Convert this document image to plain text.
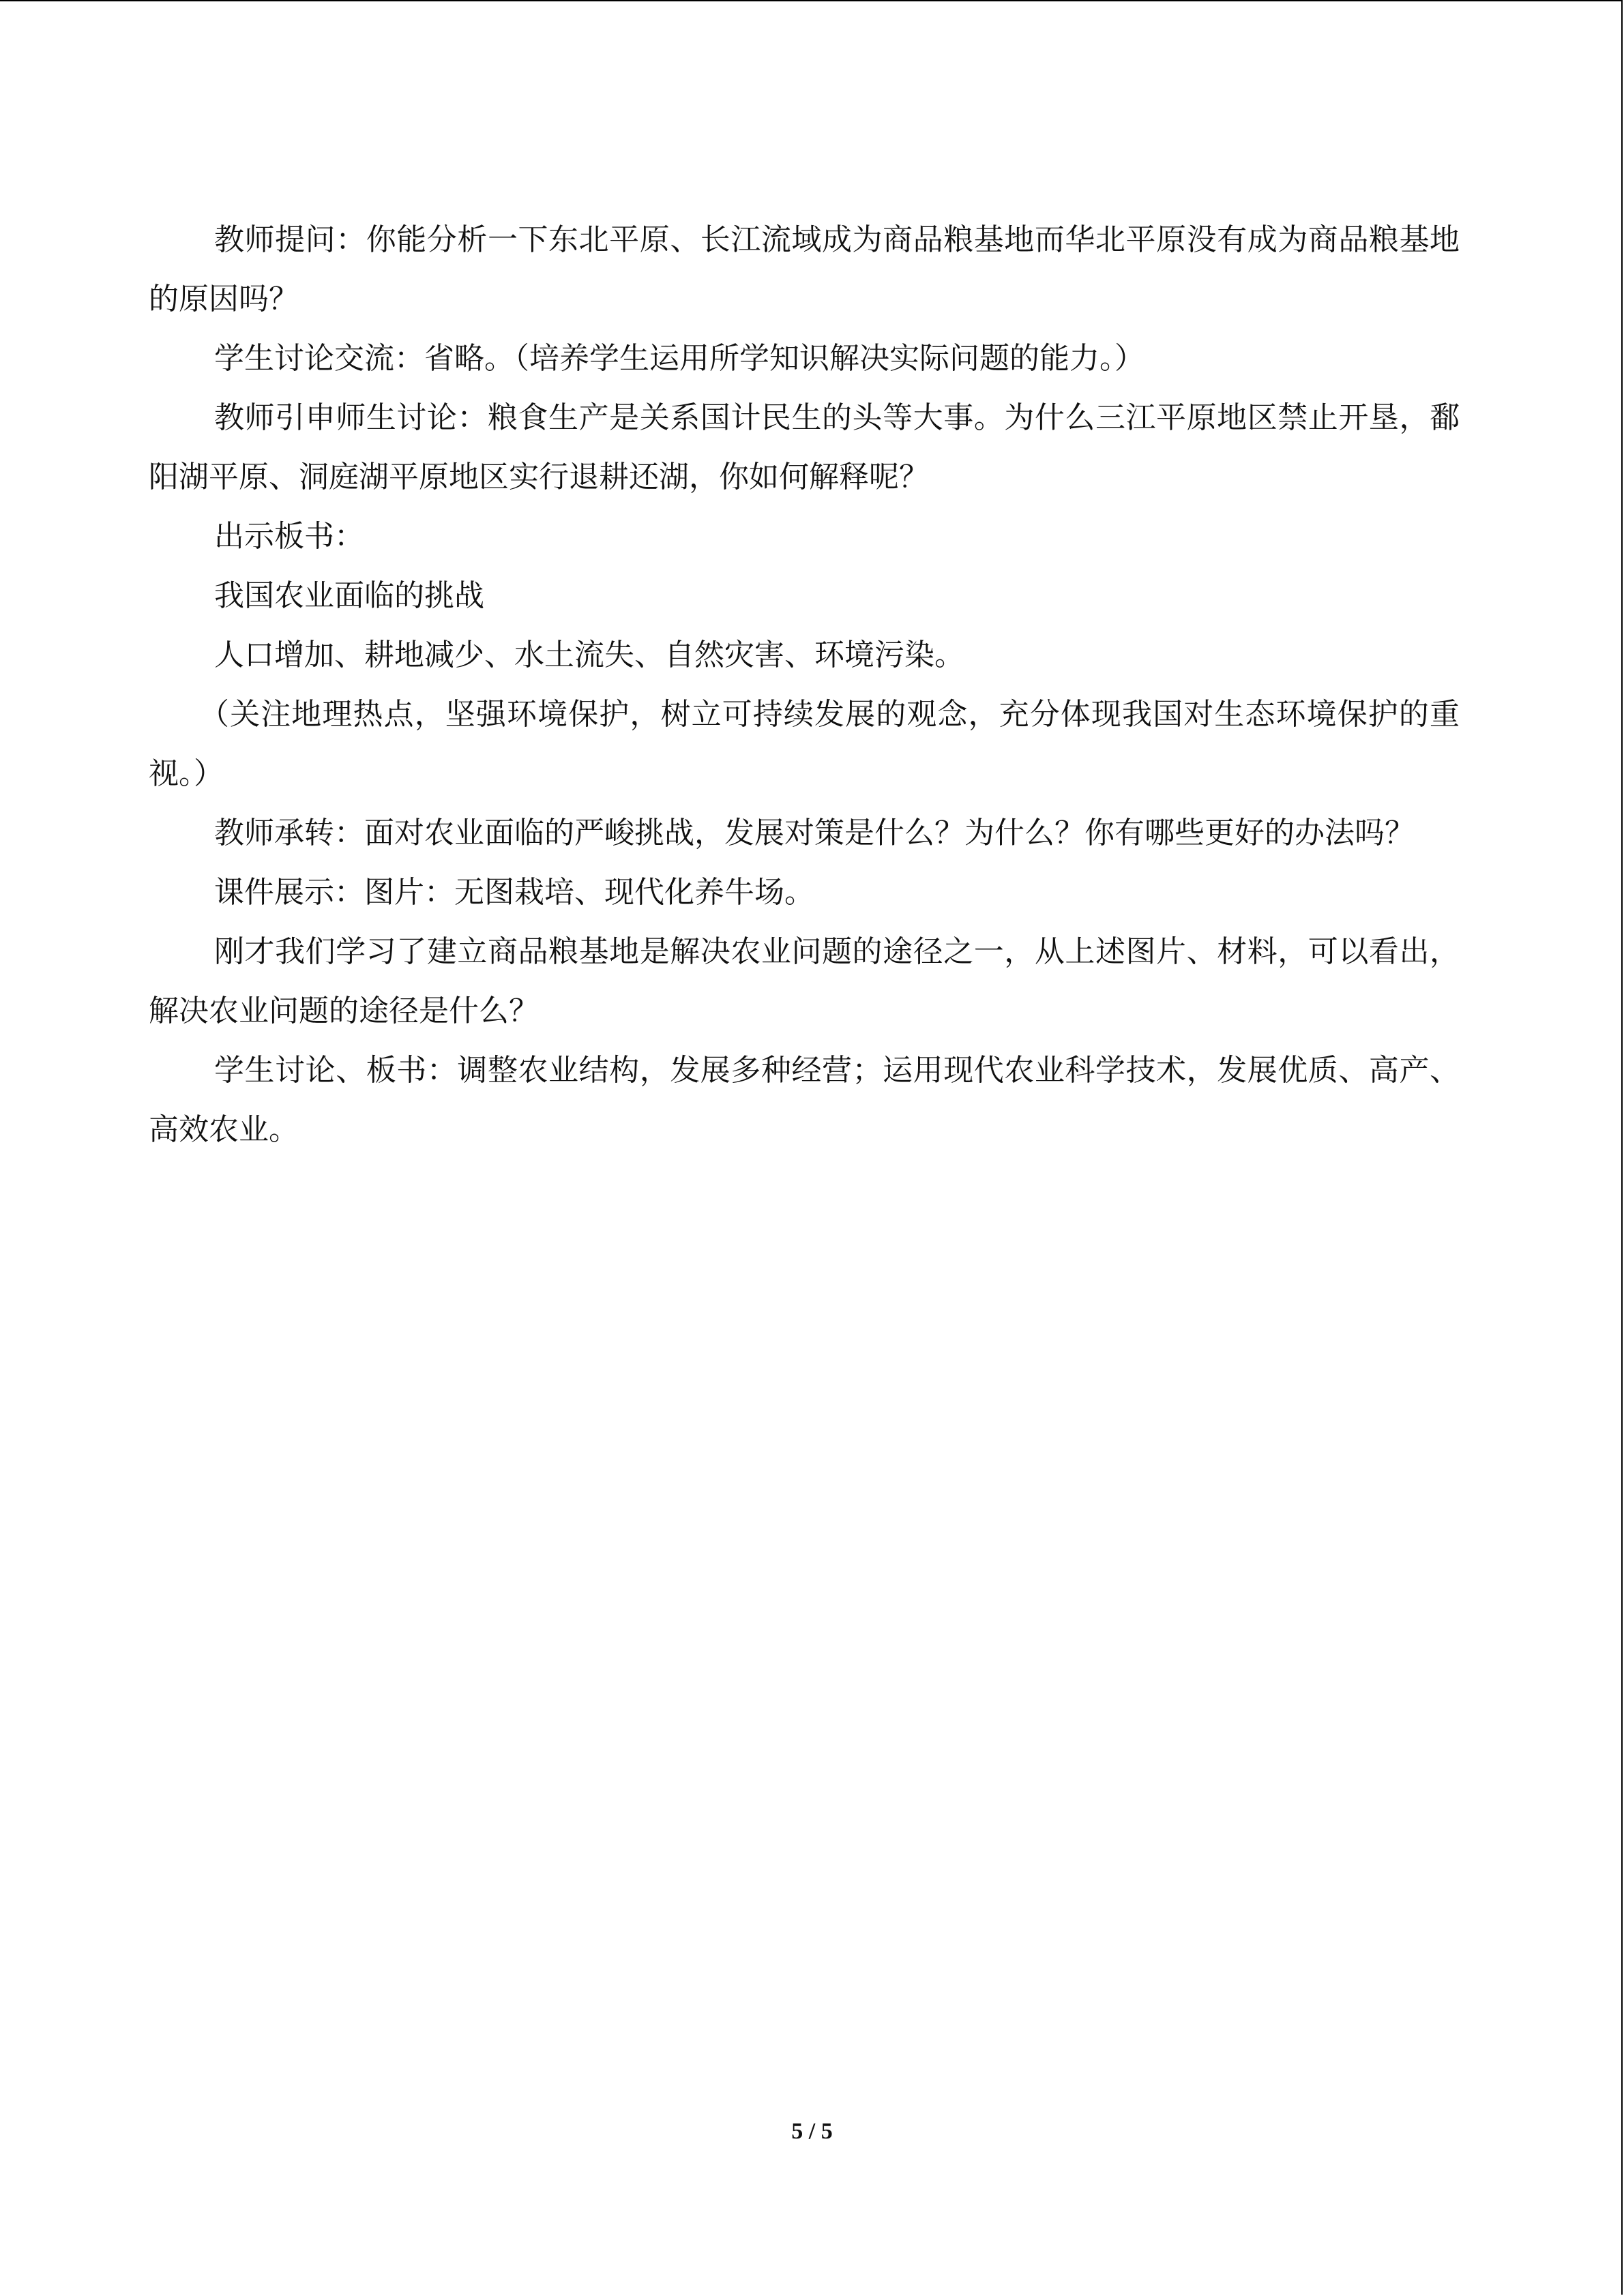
教师提问：你能分析一下东北平原、长江流域成为商品粮基地而华北平原没有成为商品粮基地的原因吗？

学生讨论交流：省略。（培养学生运用所学知识解决实际问题的能力。）

教师引申师生讨论：粮食生产是关系国计民生的头等大事。为什么三江平原地区禁止开垦，鄱阳湖平原、洞庭湖平原地区实行退耕还湖，你如何解释呢？

出示板书：

我国农业面临的挑战

人口增加、耕地减少、水土流失、自然灾害、环境污染。

（关注地理热点，坚强环境保护，树立可持续发展的观念，充分体现我国对生态环境保护的重视。）

教师承转：面对农业面临的严峻挑战，发展对策是什么？为什么？你有哪些更好的办法吗？

课件展示：图片：无图栽培、现代化养牛场。

刚才我们学习了建立商品粮基地是解决农业问题的途径之一，从上述图片、材料，可以看出，解决农业问题的途径是什么？

学生讨论、板书：调整农业结构，发展多种经营；运用现代农业科学技术，发展优质、高产、高效农业。

5 / 5
